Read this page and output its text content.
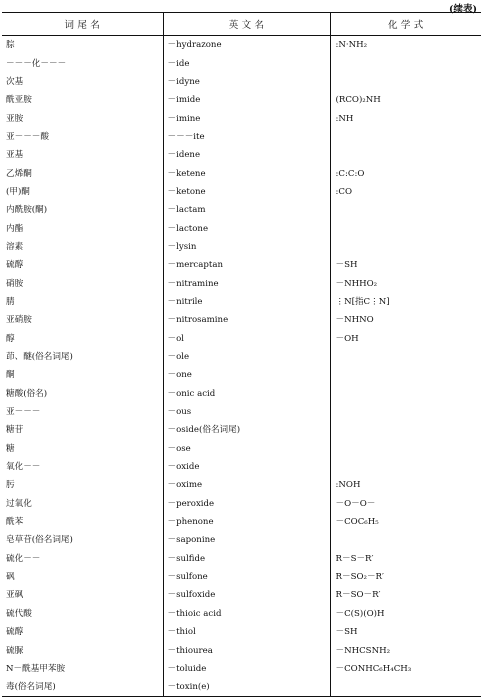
(续表)
词 尾 名	英 文 名	化 学 式
腙	－hydrazone	:N·NH₂
－－－化－－－	－ide	
次基	－idyne	
酰亚胺	－imide	(RCO)₂NH
亚胺	－imine	:NH
亚－－－酸	－－－ite	
亚基	－idene	
乙烯酮	－ketene	:C:C:O
(甲)酮	－ketone	:CO
内酰胺(酮)	－lactam	
内酯	－lactone	
溶素	－lysin	
硫醇	－mercaptan	－SH
硝胺	－nitramine	－NHHO₂
腈	－nitrile	⋮N[指C⋮N]
亚硝胺	－nitrosamine	－NHNO
醇	－ol	－OH
茚、醚(俗名词尾)	－ole	
酮	－one	
糖酸(俗名)	－onic acid	
亚－－－	－ous	
糖苷	－oside(俗名词尾)	
糖	－ose	
氧化－－	－oxide	
肟	－oxime	:NOH
过氧化	－peroxide	－O－O－
酰苯	－phenone	－COC₆H₅
皂草苷(俗名词尾)	－saponine	
硫化－－	－sulfide	R－S－R′
砜	－sulfone	R－SO₂－R′
亚砜	－sulfoxide	R－SO－R′
硫代酸	－thioic acid	－C(S)(O)H
硫醇	－thiol	－SH
硫脲	－thiourea	－NHCSNH₂
N－酰基甲苯胺	－toluide	－CONHC₆H₄CH₃
毒(俗名词尾)	－toxin(e)	
